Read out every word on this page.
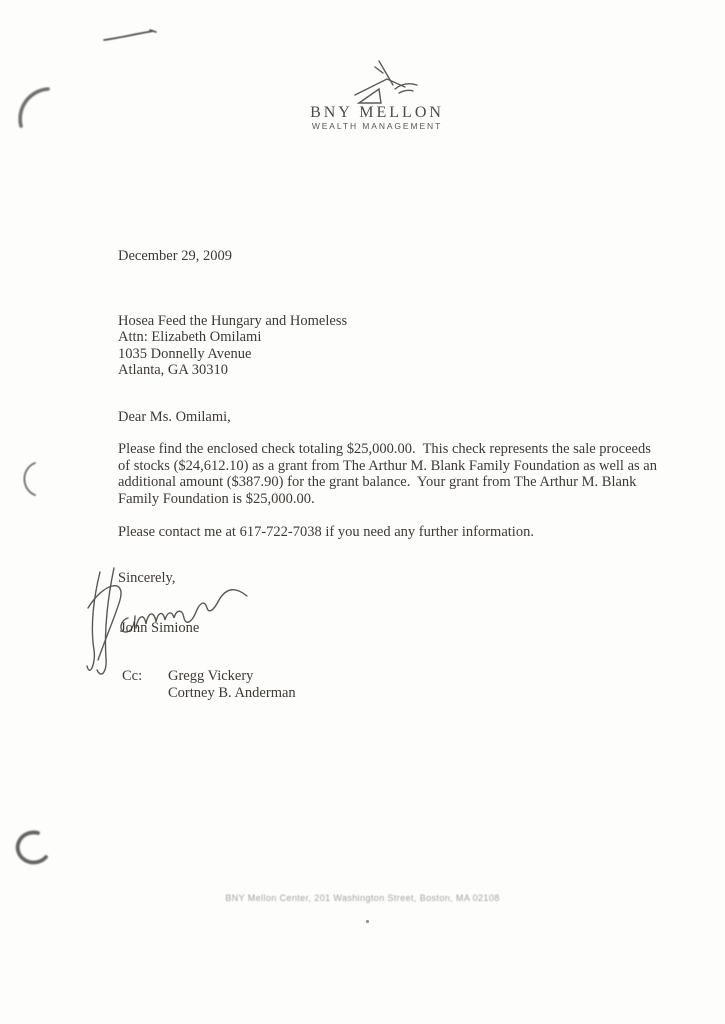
BNY MELLON
WEALTH MANAGEMENT
December 29, 2009
Hosea Feed the Hungary and Homeless
Attn: Elizabeth Omilami
1035 Donnelly Avenue
Atlanta, GA 30310
Dear Ms. Omilami,
Please find the enclosed check totaling $25,000.00.  This check represents the sale proceeds
of stocks ($24,612.10) as a grant from The Arthur M. Blank Family Foundation as well as an
additional amount ($387.90) for the grant balance.  Your grant from The Arthur M. Blank
Family Foundation is $25,000.00.
Please contact me at 617-722-7038 if you need any further information.
Sincerely,
John Simione
Cc: Gregg Vickery
Cortney B. Anderman
BNY Mellon Center, 201 Washington Street, Boston, MA 02108
